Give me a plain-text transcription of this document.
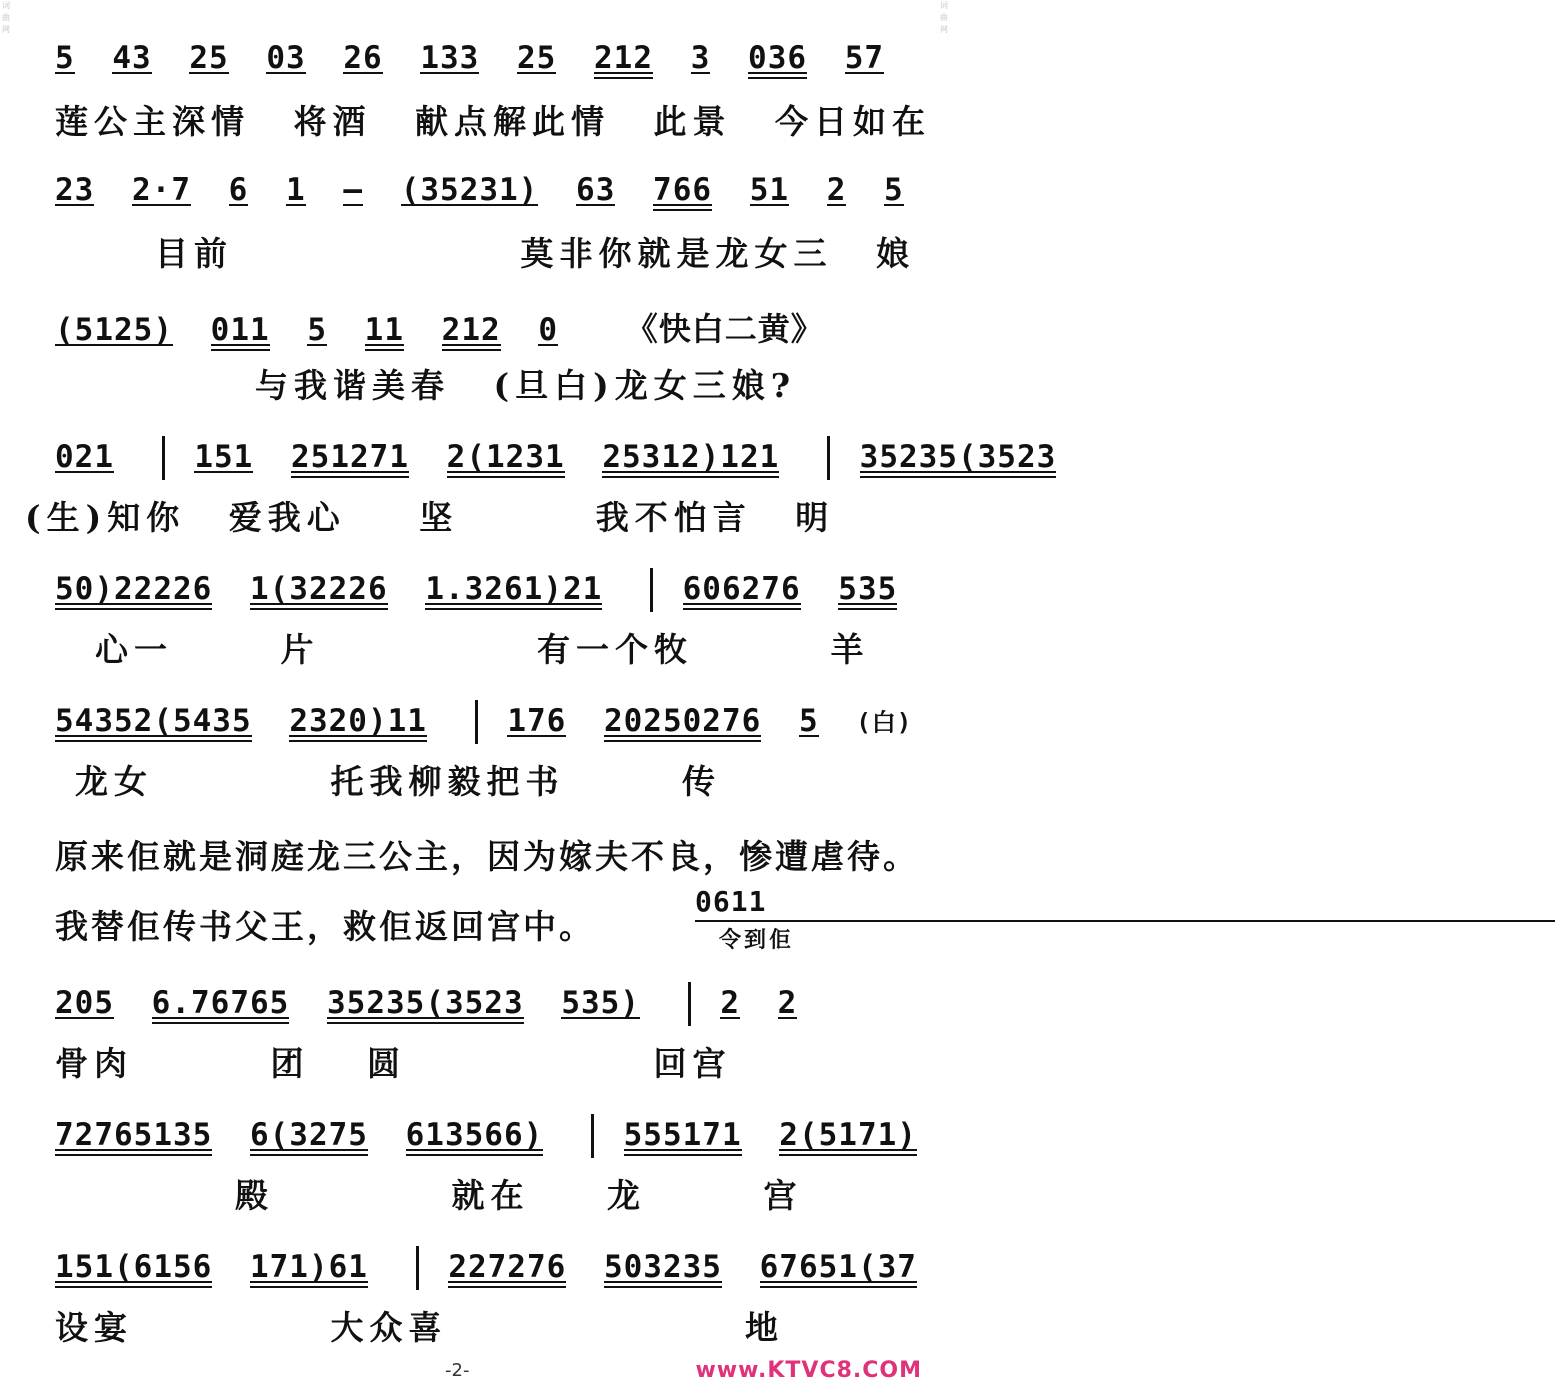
词曲网
词曲网
5 43 25 03 26 133 25 212 3 036 57
莲公主深情 将酒 献点解此情 此景 今日如在
23 2·7 6 1 — (35231) 63 766 51 2 5
目前	莫非你就是龙女三 娘
(5125) 011 5 11 212 0 《快白二黄》
与我谐美春 (旦白)龙女三娘?
021	151 251271 2(1231 25312)121	35235(3523
(生)知你 爱我心 坚	我不怕言 明
50)22226 1(32226 1.3261)21	606276 535
心一	片	有一个牧	羊
54352(5435 2320)11	176 20250276 5 (白)
龙女	托我柳毅把书	传
原来佢就是洞庭龙三公主，因为嫁夫不良，惨遭虐待。
我替佢传书父王，救佢返回宫中。
0611
令到佢
205 6.76765 35235(3523 535)	2 2
骨肉	团 圆	回宫
72765135 6(3275 613566)	555171 2(5171)
殿	就在 龙	宫
151(6156 171)61	227276 503235 67651(37
设宴	大众喜	地
-2-	www.KTVC8.COM
